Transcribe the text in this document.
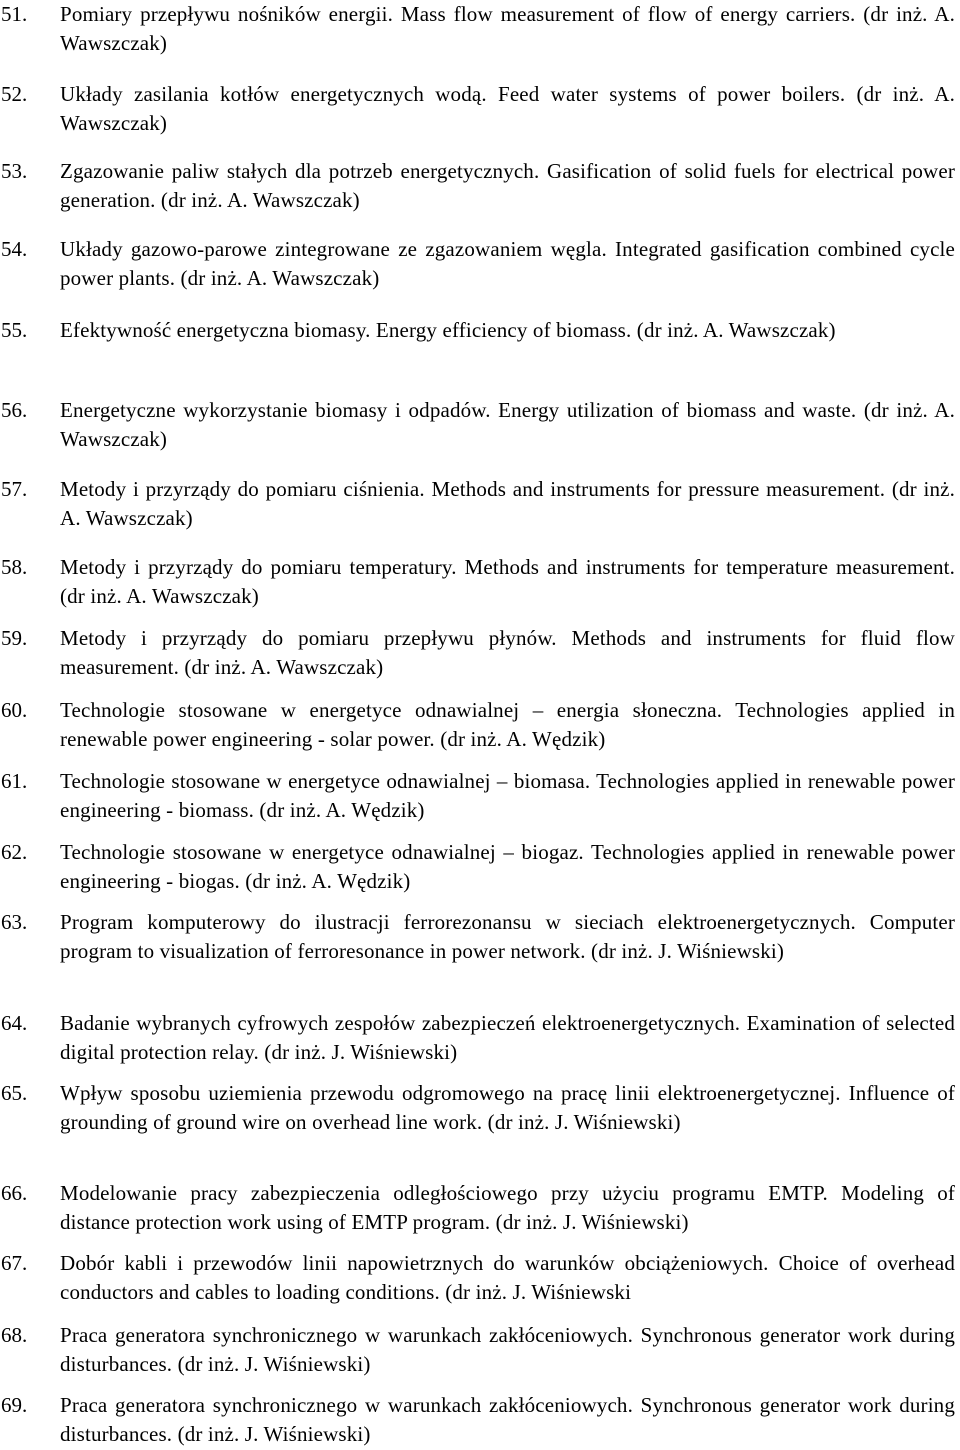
51.	Pomiary przepływu nośników energii. Mass flow measurement of flow of energy carriers. (dr inż. A. Wawszczak)
52.	Układy zasilania kotłów energetycznych wodą. Feed water systems of power boilers. (dr inż. A. Wawszczak)
53.	Zgazowanie paliw stałych dla potrzeb energetycznych. Gasification of solid fuels for electrical power generation. (dr inż. A. Wawszczak)
54.	Układy gazowo-parowe zintegrowane ze zgazowaniem węgla. Integrated gasification combined cycle power plants. (dr inż. A. Wawszczak)
55.	Efektywność energetyczna biomasy. Energy efficiency of biomass. (dr inż. A. Wawszczak)
56.	Energetyczne wykorzystanie biomasy i odpadów. Energy utilization of biomass and waste. (dr inż. A. Wawszczak)
57.	Metody i przyrządy do pomiaru ciśnienia. Methods and instruments for pressure measurement. (dr inż. A. Wawszczak)
58.	Metody i przyrządy do pomiaru temperatury. Methods and instruments for temperature measurement. (dr inż. A. Wawszczak)
59.	Metody i przyrządy do pomiaru przepływu płynów. Methods and instruments for fluid flow measurement. (dr inż. A. Wawszczak)
60.	Technologie stosowane w energetyce odnawialnej – energia słoneczna. Technologies applied in renewable power engineering - solar power. (dr inż. A. Wędzik)
61.	Technologie stosowane w energetyce odnawialnej – biomasa. Technologies applied in renewable power engineering - biomass. (dr inż. A. Wędzik)
62.	Technologie stosowane w energetyce odnawialnej – biogaz. Technologies applied in renewable power engineering - biogas. (dr inż. A. Wędzik)
63.	Program komputerowy do ilustracji ferrorezonansu w sieciach elektroenergetycznych. Computer program to visualization of ferroresonance in power network. (dr inż. J. Wiśniewski)
64.	Badanie wybranych cyfrowych zespołów zabezpieczeń elektroenergetycznych. Examination of selected digital protection relay. (dr inż. J. Wiśniewski)
65.	Wpływ sposobu uziemienia przewodu odgromowego na pracę linii elektroenergetycznej. Influence of grounding of ground wire on overhead line work. (dr inż. J. Wiśniewski)
66.	Modelowanie pracy zabezpieczenia odległościowego przy użyciu programu EMTP. Modeling of distance protection work using of EMTP program. (dr inż. J. Wiśniewski)
67.	Dobór kabli i przewodów linii napowietrznych do warunków obciążeniowych. Choice of overhead conductors and cables to loading conditions. (dr inż. J. Wiśniewski
68.	Praca generatora synchronicznego w warunkach zakłóceniowych. Synchronous generator work during disturbances. (dr inż. J. Wiśniewski)
69.	Praca generatora synchronicznego w warunkach zakłóceniowych. Synchronous generator work during disturbances. (dr inż. J. Wiśniewski)
